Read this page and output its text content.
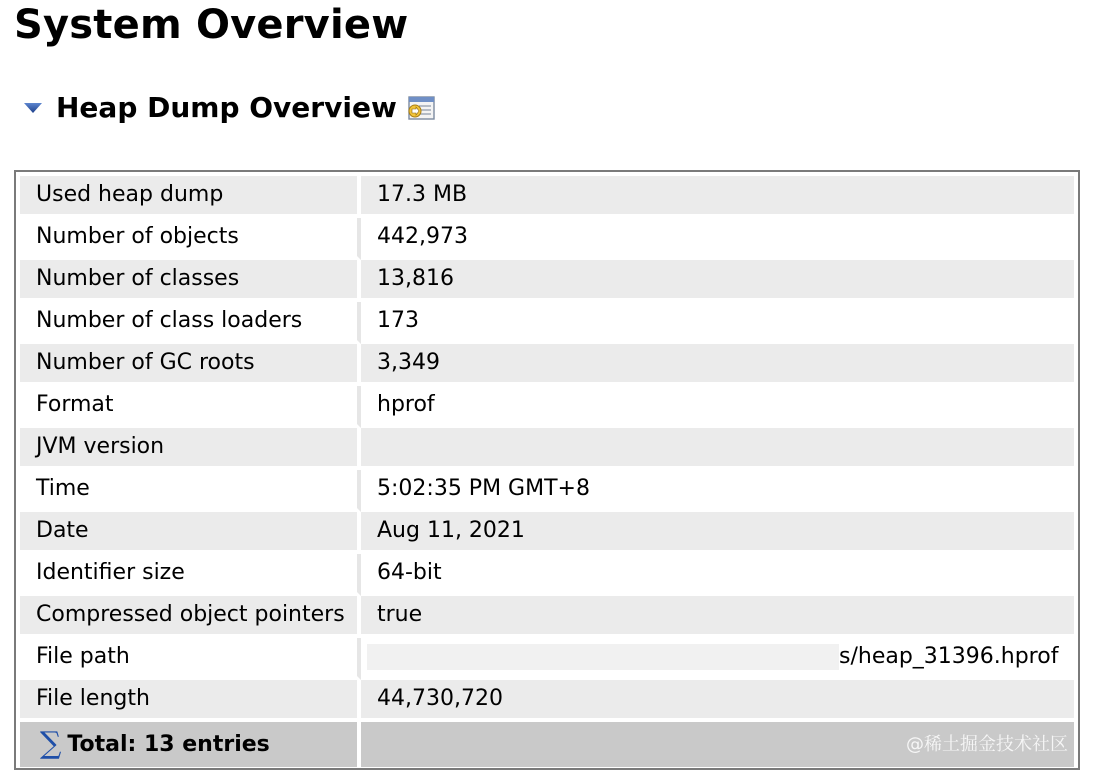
System Overview
Heap Dump Overview
Used heap dump	17.3 MB
Number of objects	442,973
Number of classes	13,816
Number of class loaders	173
Number of GC roots	3,349
Format	hprof
JVM version	
Time	5:02:35 PM GMT+8
Date	Aug 11, 2021
Identifier size	64-bit
Compressed object pointers	true
File path	s/heap_31396.hprof
File length	44,730,720
∑ Total: 13 entries	@稀土掘金技术社区
